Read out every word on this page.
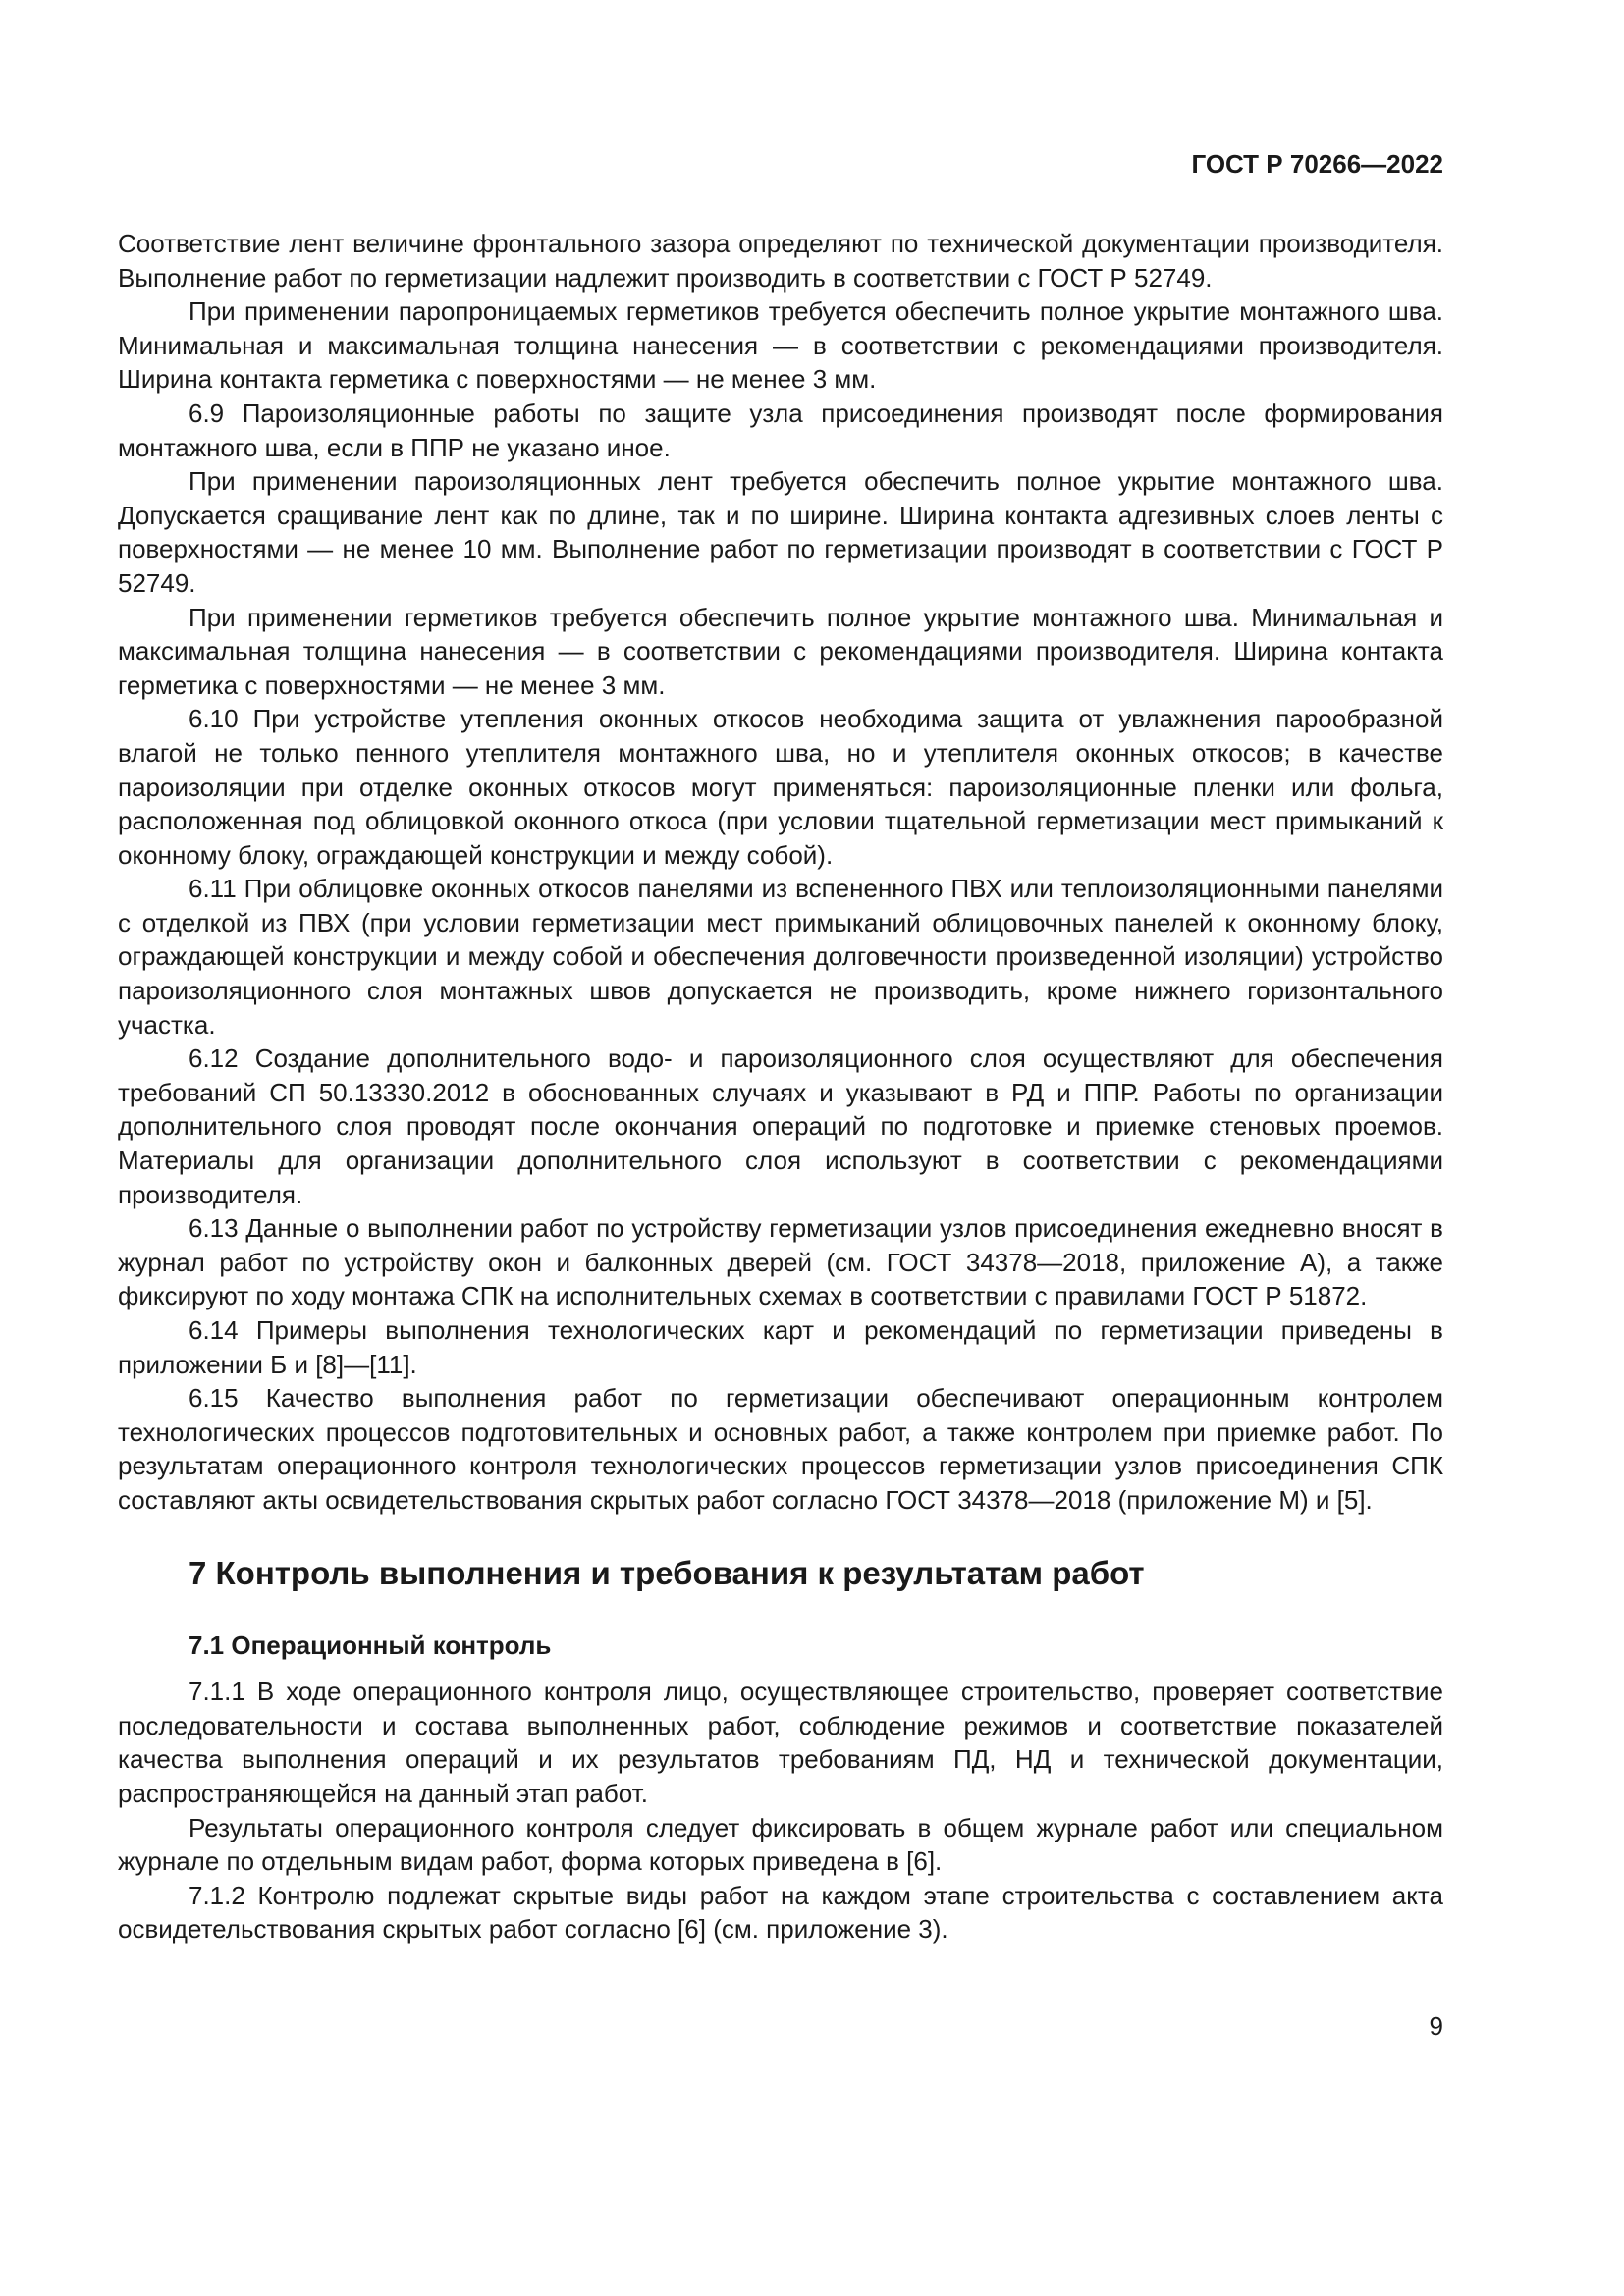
ГОСТ Р 70266—2022

Соответствие лент величине фронтального зазора определяют по технической документации производителя. Выполнение работ по герметизации надлежит производить в соответствии с ГОСТ Р 52749.

При применении паропроницаемых герметиков требуется обеспечить полное укрытие монтажного шва. Минимальная и максимальная толщина нанесения — в соответствии с рекомендациями производителя. Ширина контакта герметика с поверхностями — не менее 3 мм.

6.9 Пароизоляционные работы по защите узла присоединения производят после формирования монтажного шва, если в ППР не указано иное.

При применении пароизоляционных лент требуется обеспечить полное укрытие монтажного шва. Допускается сращивание лент как по длине, так и по ширине. Ширина контакта адгезивных слоев ленты с поверхностями — не менее 10 мм. Выполнение работ по герметизации производят в соответствии с ГОСТ Р 52749.

При применении герметиков требуется обеспечить полное укрытие монтажного шва. Минимальная и максимальная толщина нанесения — в соответствии с рекомендациями производителя. Ширина контакта герметика с поверхностями — не менее 3 мм.

6.10 При устройстве утепления оконных откосов необходима защита от увлажнения парообразной влагой не только пенного утеплителя монтажного шва, но и утеплителя оконных откосов; в качестве пароизоляции при отделке оконных откосов могут применяться: пароизоляционные пленки или фольга, расположенная под облицовкой оконного откоса (при условии тщательной герметизации мест примыканий к оконному блоку, ограждающей конструкции и между собой).

6.11 При облицовке оконных откосов панелями из вспененного ПВХ или теплоизоляционными панелями с отделкой из ПВХ (при условии герметизации мест примыканий облицовочных панелей к оконному блоку, ограждающей конструкции и между собой и обеспечения долговечности произведенной изоляции) устройство пароизоляционного слоя монтажных швов допускается не производить, кроме нижнего горизонтального участка.

6.12 Создание дополнительного водо- и пароизоляционного слоя осуществляют для обеспечения требований СП 50.13330.2012 в обоснованных случаях и указывают в РД и ППР. Работы по организации дополнительного слоя проводят после окончания операций по подготовке и приемке стеновых проемов. Материалы для организации дополнительного слоя используют в соответствии с рекомендациями производителя.

6.13 Данные о выполнении работ по устройству герметизации узлов присоединения ежедневно вносят в журнал работ по устройству окон и балконных дверей (см. ГОСТ 34378—2018, приложение А), а также фиксируют по ходу монтажа СПК на исполнительных схемах в соответствии с правилами ГОСТ Р 51872.

6.14 Примеры выполнения технологических карт и рекомендаций по герметизации приведены в приложении Б и [8]—[11].

6.15 Качество выполнения работ по герметизации обеспечивают операционным контролем технологических процессов подготовительных и основных работ, а также контролем при приемке работ. По результатам операционного контроля технологических процессов герметизации узлов присоединения СПК составляют акты освидетельствования скрытых работ согласно ГОСТ 34378—2018 (приложение М) и [5].

7 Контроль выполнения и требования к результатам работ
7.1 Операционный контроль

7.1.1 В ходе операционного контроля лицо, осуществляющее строительство, проверяет соответствие последовательности и состава выполненных работ, соблюдение режимов и соответствие показателей качества выполнения операций и их результатов требованиям ПД, НД и технической документации, распространяющейся на данный этап работ.

Результаты операционного контроля следует фиксировать в общем журнале работ или специальном журнале по отдельным видам работ, форма которых приведена в [6].

7.1.2 Контролю подлежат скрытые виды работ на каждом этапе строительства с составлением акта освидетельствования скрытых работ согласно [6] (см. приложение 3).

9
